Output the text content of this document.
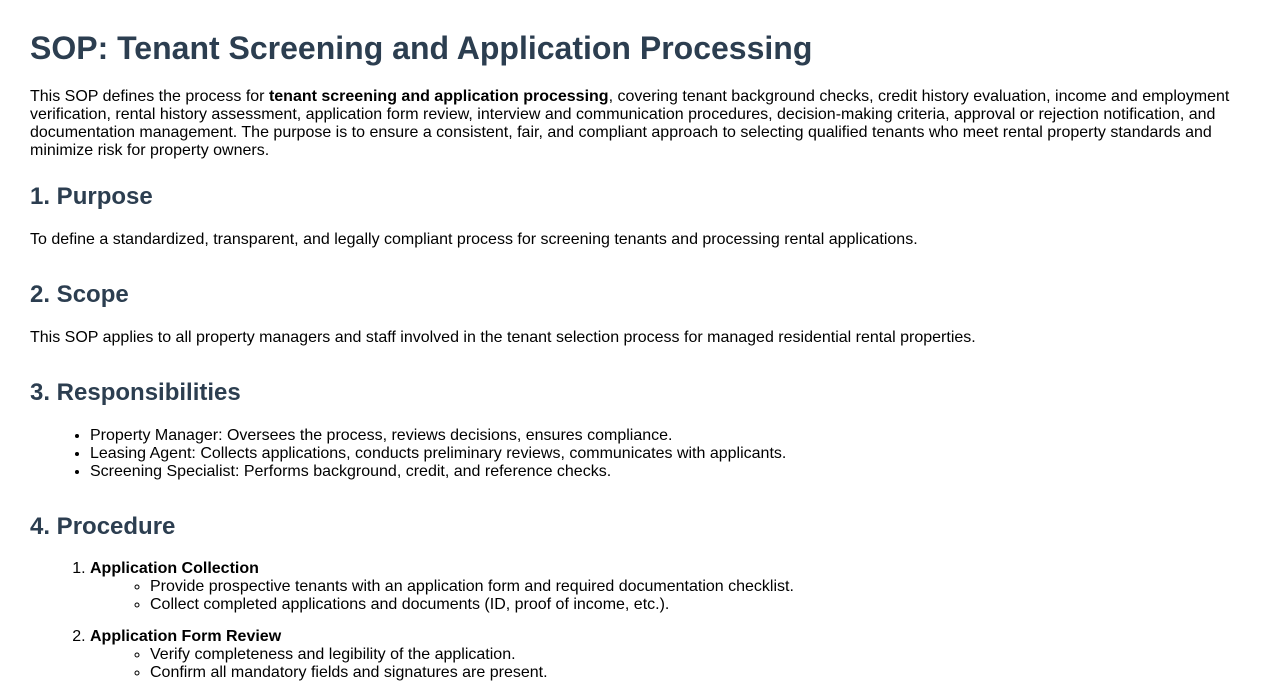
SOP: Tenant Screening and Application Processing

This SOP defines the process for tenant screening and application processing, covering tenant background checks, credit history evaluation, income and employment verification, rental history assessment, application form review, interview and communication procedures, decision-making criteria, approval or rejection notification, and documentation management. The purpose is to ensure a consistent, fair, and compliant approach to selecting qualified tenants who meet rental property standards and minimize risk for property owners.

1. Purpose

To define a standardized, transparent, and legally compliant process for screening tenants and processing rental applications.

2. Scope

This SOP applies to all property managers and staff involved in the tenant selection process for managed residential rental properties.

3. Responsibilities
• Property Manager: Oversees the process, reviews decisions, ensures compliance.
• Leasing Agent: Collects applications, conducts preliminary reviews, communicates with applicants.
• Screening Specialist: Performs background, credit, and reference checks.
4. Procedure
1. Application Collection
◦ Provide prospective tenants with an application form and required documentation checklist.
◦ Collect completed applications and documents (ID, proof of income, etc.).
2. Application Form Review
◦ Verify completeness and legibility of the application.
◦ Confirm all mandatory fields and signatures are present.
